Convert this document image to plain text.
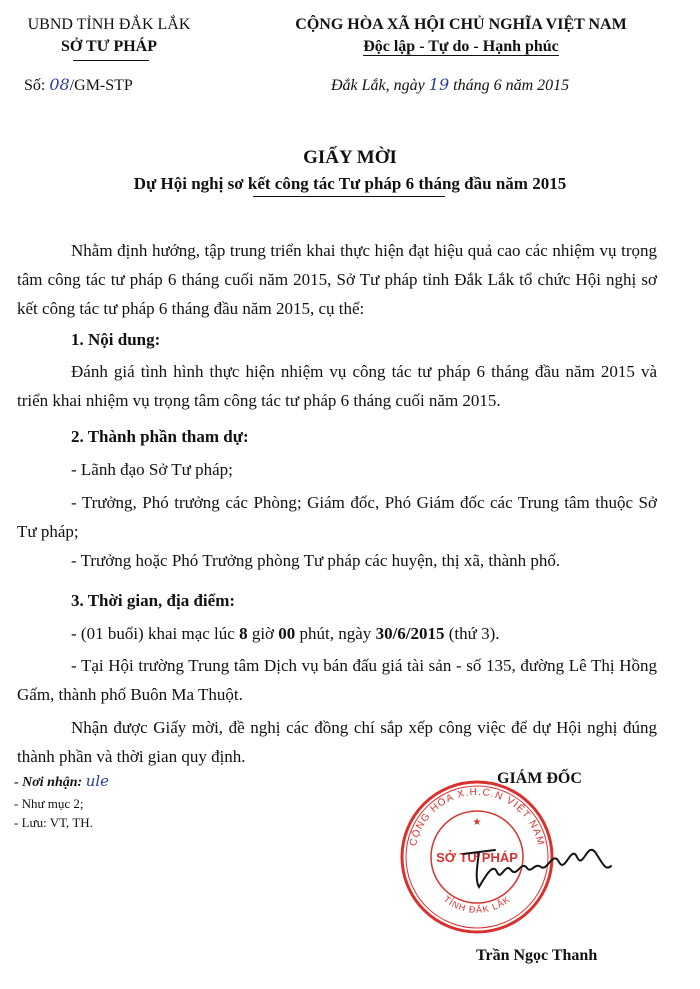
UBND TỈNH ĐẮK LẮK
SỞ TƯ PHÁP
Số: 08/GM-STP
CỘNG HÒA XÃ HỘI CHỦ NGHĨA VIỆT NAM
Độc lập - Tự do - Hạnh phúc
Đắk Lắk, ngày 19 tháng 6 năm 2015
GIẤY MỜI
Dự Hội nghị sơ kết công tác Tư pháp 6 tháng đầu năm 2015
Nhằm định hướng, tập trung triển khai thực hiện đạt hiệu quả cao các nhiệm vụ trọng tâm công tác tư pháp 6 tháng cuối năm 2015, Sở Tư pháp tỉnh Đắk Lắk tổ chức Hội nghị sơ kết công tác tư pháp 6 tháng đầu năm 2015, cụ thể:
1. Nội dung:
Đánh giá tình hình thực hiện nhiệm vụ công tác tư pháp 6 tháng đầu năm 2015 và triển khai nhiệm vụ trọng tâm công tác tư pháp 6 tháng cuối năm 2015.
2. Thành phần tham dự:
- Lãnh đạo Sở Tư pháp;
- Trưởng, Phó trưởng các Phòng; Giám đốc, Phó Giám đốc các Trung tâm thuộc Sở Tư pháp;
- Trưởng hoặc Phó Trưởng phòng Tư pháp các huyện, thị xã, thành phố.
3. Thời gian, địa điểm:
- (01 buổi) khai mạc lúc 8 giờ 00 phút, ngày 30/6/2015 (thứ 3).
- Tại Hội trường Trung tâm Dịch vụ bán đấu giá tài sản - số 135, đường Lê Thị Hồng Gấm, thành phố Buôn Ma Thuột.
Nhận được Giấy mời, đề nghị các đồng chí sắp xếp công việc để dự Hội nghị đúng thành phần và thời gian quy định.
- Nơi nhận: ule
- Như mục 2;
- Lưu: VT, TH.
GIÁM ĐỐC
CỘNG HÒA X.H.C.N VIỆT NAM
SỞ TƯ PHÁP
TỈNH ĐẮK LẮK
★
Trần Ngọc Thanh
